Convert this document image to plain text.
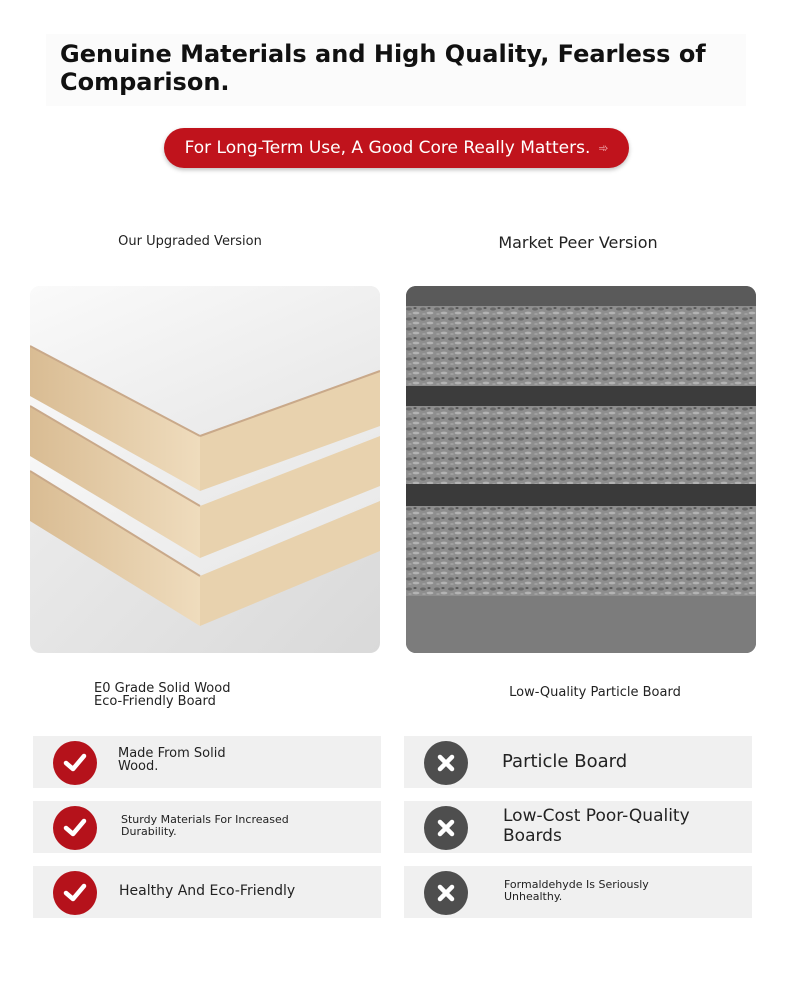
Genuine Materials and High Quality, Fearless of Comparison.
For Long-Term Use, A Good Core Really Matters. ➾
Our Upgraded Version	Market Peer Version
E0 Grade Solid Wood
Eco-Friendly Board
Low-Quality Particle Board
Made From Solid
Wood.
Sturdy Materials For Increased
Durability.
Healthy And Eco-Friendly
Particle Board
Low-Cost Poor-Quality
Boards
Formaldehyde Is Seriously
Unhealthy.
